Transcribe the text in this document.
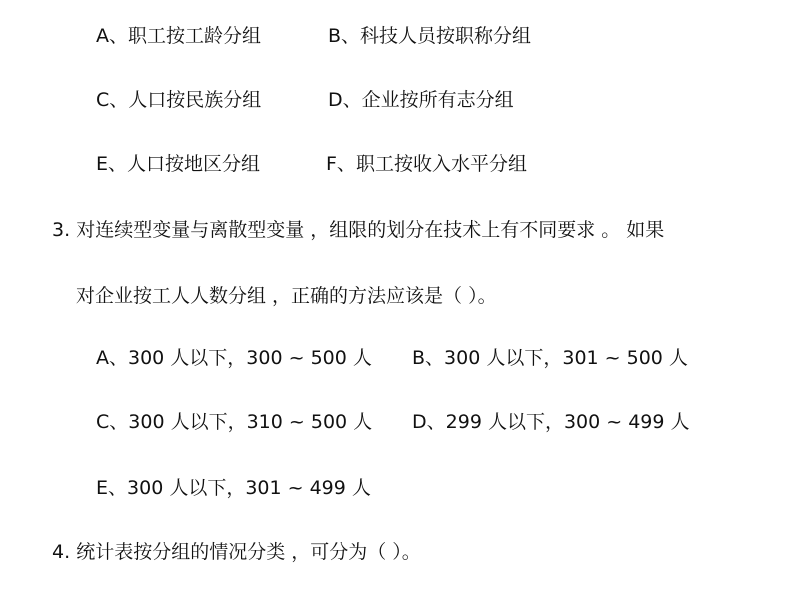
A、职工按工龄分组	B、科技人员按职称分组
C、人口按民族分组	D、企业按所有志分组
E、人口按地区分组	F、职工按收入水平分组
3. 对连续型变量与离散型变量 ，组限的划分在技术上有不同要求 。 如果
对企业按工人人数分组 ，正确的方法应该是（ ）。
A、300 人以下，300 ~ 500 人 B、300 人以下，301 ~ 500 人
C、300 人以下，310 ~ 500 人 D、299 人以下，300 ~ 499 人
E、300 人以下，301 ~ 499 人
4. 统计表按分组的情况分类 ，可分为（ ）。
